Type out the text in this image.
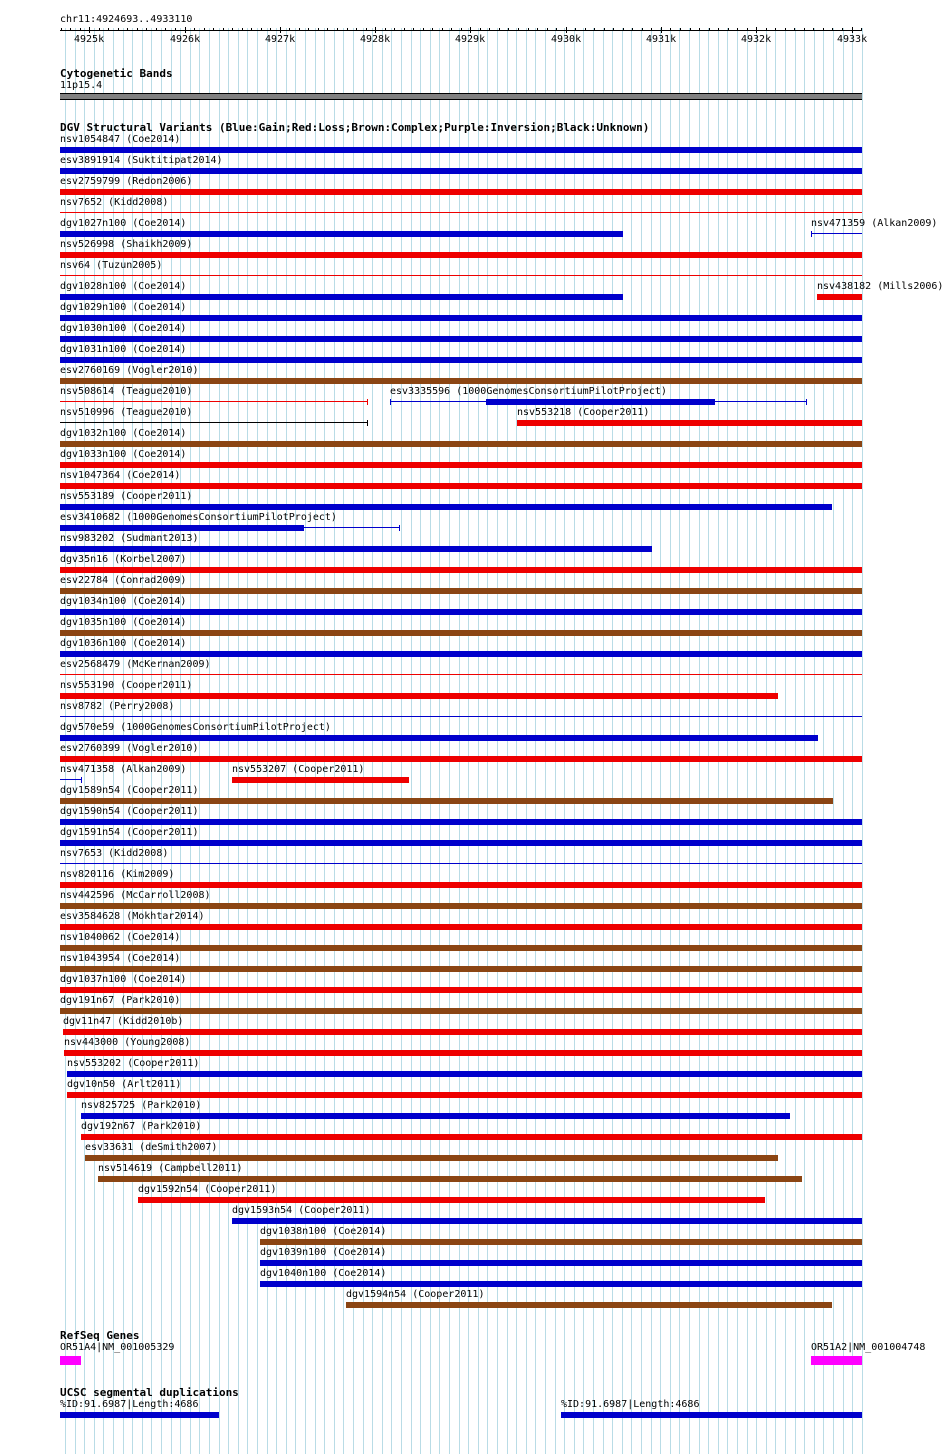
chr11:4924693..4933110
4925k	4926k	4927k	4928k	4929k	4930k	4931k	4932k	4933k
Cytogenetic Bands
11p15.4
DGV Structural Variants (Blue:Gain;Red:Loss;Brown:Complex;Purple:Inversion;Black:Unknown)
nsv1054847 (Coe2014)
esv3891914 (Suktitipat2014)
esv2759799 (Redon2006)
nsv7652 (Kidd2008)
dgv1027n100 (Coe2014)	nsv471359 (Alkan2009)
nsv526998 (Shaikh2009)
nsv64 (Tuzun2005)
dgv1028n100 (Coe2014)	nsv438182 (Mills2006)
dgv1029n100 (Coe2014)
dgv1030n100 (Coe2014)
dgv1031n100 (Coe2014)
esv2760169 (Vogler2010)
nsv508614 (Teague2010)	esv3335596 (1000GenomesConsortiumPilotProject)
nsv510996 (Teague2010)	nsv553218 (Cooper2011)
dgv1032n100 (Coe2014)
dgv1033n100 (Coe2014)
nsv1047364 (Coe2014)
nsv553189 (Cooper2011)
esv3410682 (1000GenomesConsortiumPilotProject)
nsv983202 (Sudmant2013)
dgv35n16 (Korbel2007)
esv22784 (Conrad2009)
dgv1034n100 (Coe2014)
dgv1035n100 (Coe2014)
dgv1036n100 (Coe2014)
esv2568479 (McKernan2009)
nsv553190 (Cooper2011)
nsv8782 (Perry2008)
dgv570e59 (1000GenomesConsortiumPilotProject)
esv2760399 (Vogler2010)
nsv471358 (Alkan2009)	nsv553207 (Cooper2011)
dgv1589n54 (Cooper2011)
dgv1590n54 (Cooper2011)
dgv1591n54 (Cooper2011)
nsv7653 (Kidd2008)
nsv820116 (Kim2009)
nsv442596 (McCarroll2008)
esv3584628 (Mokhtar2014)
nsv1040062 (Coe2014)
nsv1043954 (Coe2014)
dgv1037n100 (Coe2014)
dgv191n67 (Park2010)
dgv11n47 (Kidd2010b)
nsv443000 (Young2008)
nsv553202 (Cooper2011)
dgv10n50 (Arlt2011)
nsv825725 (Park2010)
dgv192n67 (Park2010)
esv33631 (deSmith2007)
nsv514619 (Campbell2011)
dgv1592n54 (Cooper2011)
dgv1593n54 (Cooper2011)
dgv1038n100 (Coe2014)
dgv1039n100 (Coe2014)
dgv1040n100 (Coe2014)
dgv1594n54 (Cooper2011)
RefSeq Genes
OR51A4|NM_001005329	OR51A2|NM_001004748
UCSC segmental duplications
%ID:91.6987|Length:4686	%ID:91.6987|Length:4686
